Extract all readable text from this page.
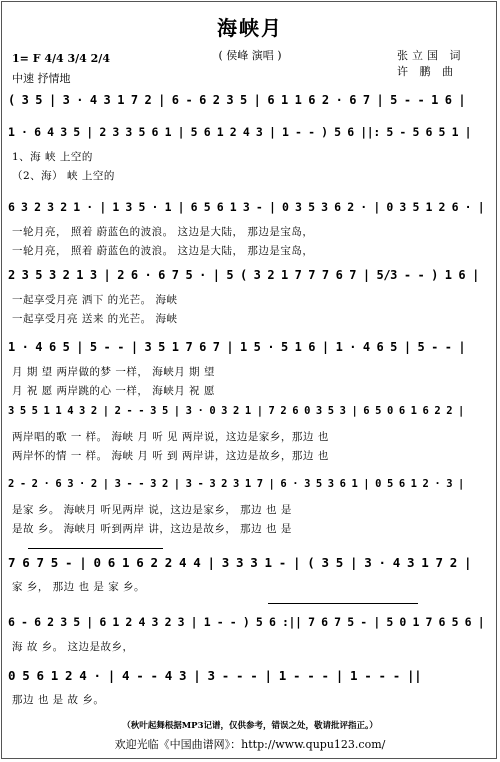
海峡月
( 侯峰 演唱 )
1= F 4/4 3/4 2/4
中速 抒情地
张立国 词
许 鹏 曲
( 3 5 | 3 · 4 3 1 7 2 | 6 - 6 2 3 5 | 6 1 1 6 2 · 6 7 | 5 - - 1 6 |
1 · 6 4 3 5 | 2 3 3 5 6 1 | 5 6 1 2 4 3 | 1 - - ) 5 6 ||: 5 - 5 6 5 1 |
1、海 峡 上空的
（2、海） 峡 上空的
6 3 2 3 2 1 · | 1 3 5 · 1 | 6 5 6 1 3 - | 0 3 5 3 6 2 · | 0 3 5 1 2 6 · |
一轮月亮， 照着 蔚蓝色的波浪。 这边是大陆， 那边是宝岛，
一轮月亮， 照着 蔚蓝色的波浪。 这边是大陆， 那边是宝岛，
2 3 5 3 2 1 3 | 2 6 · 6 7 5 · | 5 ( 3 2 1 7 7 7 6 7 | 5/3 - - ) 1 6 |
一起享受月亮 洒下 的光芒。 海峡
一起享受月亮 送来 的光芒。 海峡
1 · 4 6 5 | 5 - - | 3 5 1 7 6 7 | 1 5 · 5 1 6 | 1 · 4 6 5 | 5 - - |
月 期 望 两岸做的梦 一样， 海峡月 期 望
月 祝 愿 两岸跳的心 一样， 海峡月 祝 愿
3 5 5 1 1 4 3 2 | 2 - - 3 5 | 3 · 0 3 2 1 | 7 2 6 0 3 5 3 | 6 5 0 6 1 6 2 2 |
两岸唱的歌 一 样。 海峡 月 听 见 两岸说，这边是家乡，那边 也
两岸怀的情 一 样。 海峡 月 听 到 两岸讲，这边是故乡，那边 也
2 - 2 · 6 3 · 2 | 3 - - 3 2 | 3 - 3 2 3 1 7 | 6 · 3 5 3 6 1 | 0 5 6 1 2 · 3 |
是家 乡。 海峡月 听见两岸 说，这边是家乡， 那边 也 是
是故 乡。 海峡月 听到两岸 讲，这边是故乡， 那边 也 是
7 6 7 5 - | 0 6 1 6 2 2 4 4 | 3 3 3 1 - | ( 3 5 | 3 · 4 3 1 7 2 |
家 乡， 那边 也 是 家 乡。
6 - 6 2 3 5 | 6 1 2 4 3 2 3 | 1 - - ) 5 6 :|| 7 6 7 5 - | 5 0 1 7 6 5 6 |
海 故 乡。 这边是故乡，
0 5 6 1 2 4 · | 4 - - 4 3 | 3 - - - | 1 - - - | 1 - - - ||
那边 也 是 故 乡。
（秋叶起舞根据MP3记谱，仅供参考，错误之处，敬请批评指正。）
欢迎光临《中国曲谱网》：http://www.qupu123.com/
